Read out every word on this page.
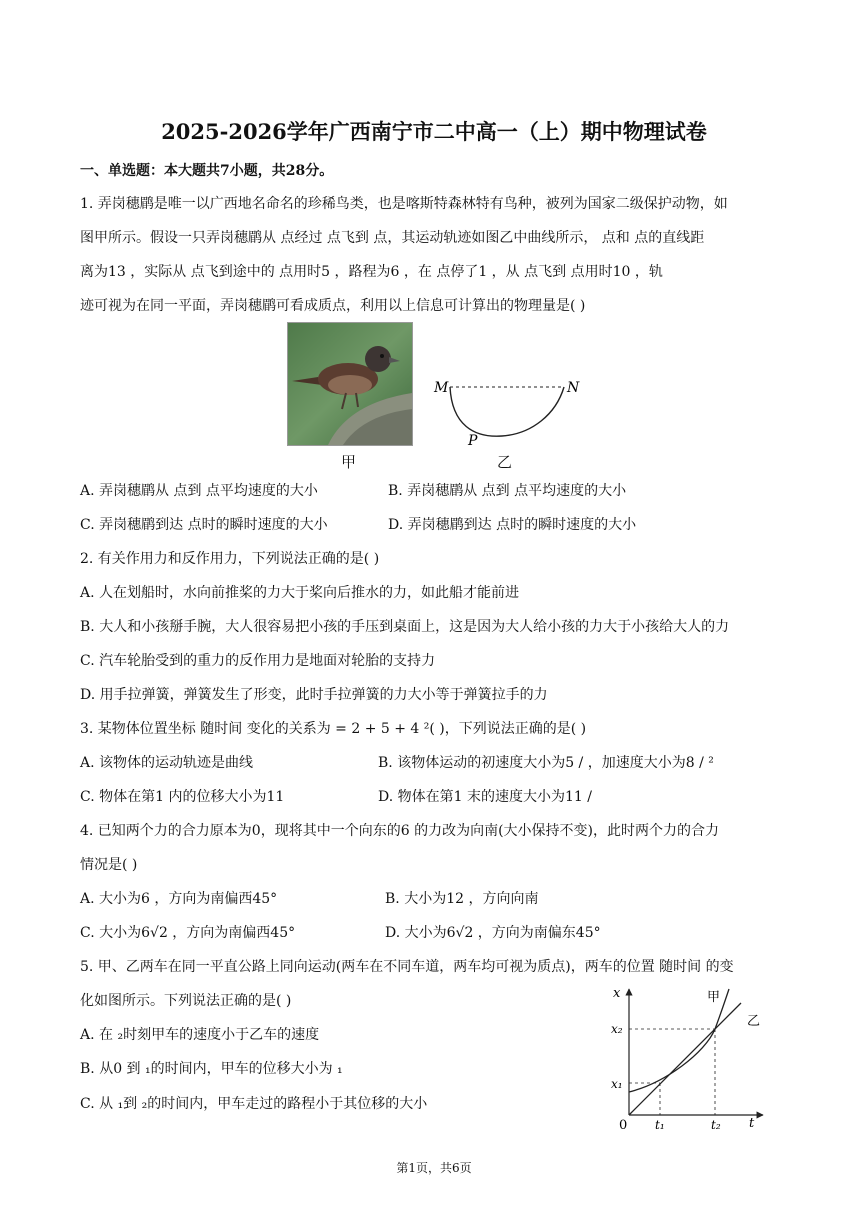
2025-2026学年广西南宁市二中高一（上）期中物理试卷
一、单选题：本大题共7小题，共28分。
1. 弄岗穗鹛是唯一以广西地名命名的珍稀鸟类，也是喀斯特森林特有鸟种，被列为国家二级保护动物，如
图甲所示。假设一只弄岗穗鹛从 点经过 点飞到 点，其运动轨迹如图乙中曲线所示， 点和 点的直线距
离为13 ，实际从 点飞到途中的 点用时5 ，路程为6 ，在 点停了1 ，从 点飞到 点用时10 ，轨
迹可视为在同一平面，弄岗穗鹛可看成质点，利用以上信息可计算出的物理量是( )
甲
M	N
P
乙
A. 弄岗穗鹛从 点到 点平均速度的大小	B. 弄岗穗鹛从 点到 点平均速度的大小
C. 弄岗穗鹛到达 点时的瞬时速度的大小	D. 弄岗穗鹛到达 点时的瞬时速度的大小
2. 有关作用力和反作用力，下列说法正确的是( )
A. 人在划船时，水向前推桨的力大于桨向后推水的力，如此船才能前进
B. 大人和小孩掰手腕，大人很容易把小孩的手压到桌面上，这是因为大人给小孩的力大于小孩给大人的力
C. 汽车轮胎受到的重力的反作用力是地面对轮胎的支持力
D. 用手拉弹簧，弹簧发生了形变，此时手拉弹簧的力大小等于弹簧拉手的力
3. 某物体位置坐标 随时间 变化的关系为 = 2 + 5 + 4 ²( )，下列说法正确的是( )
A. 该物体的运动轨迹是曲线	B. 该物体运动的初速度大小为5 / ，加速度大小为8 / ²
C. 物体在第1 内的位移大小为11	D. 物体在第1 末的速度大小为11 /
4. 已知两个力的合力原本为0，现将其中一个向东的6 的力改为向南(大小保持不变)，此时两个力的合力
情况是( )
A. 大小为6 ，方向为南偏西45°	B. 大小为12 ，方向向南
C. 大小为6√2 ，方向为南偏西45°	D. 大小为6√2 ，方向为南偏东45°
5. 甲、乙两车在同一平直公路上同向运动(两车在不同车道，两车均可视为质点)，两车的位置 随时间 的变
化如图所示。下列说法正确的是( )
A. 在 ₂时刻甲车的速度小于乙车的速度
B. 从0 到 ₁的时间内，甲车的位移大小为 ₁
C. 从 ₁到 ₂的时间内，甲车走过的路程小于其位移的大小
x
t
0
x₂
x₁
t₁	t₂
甲
乙
第1页，共6页
